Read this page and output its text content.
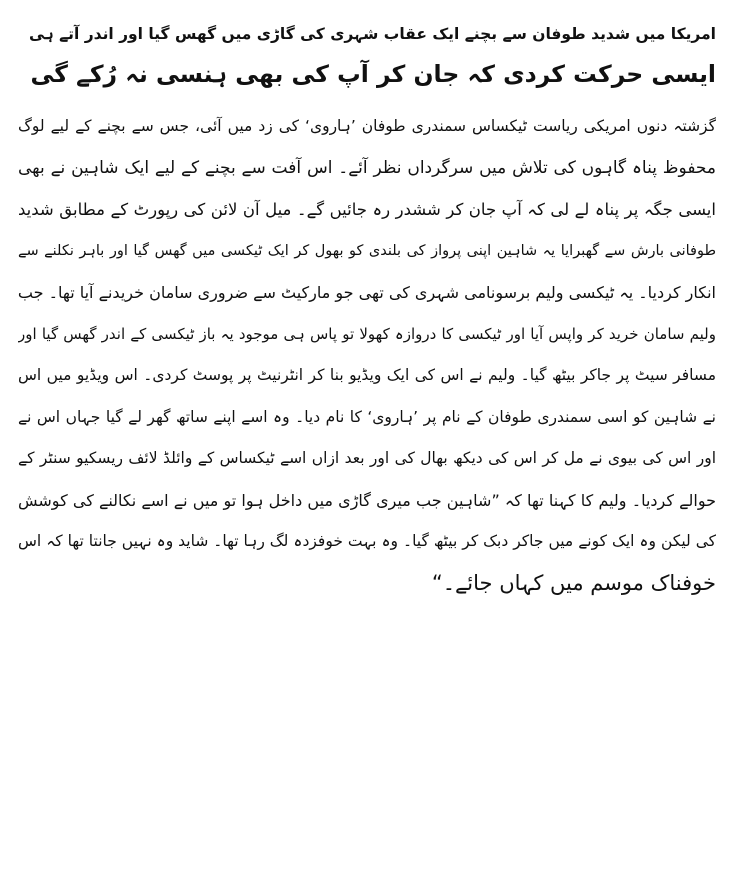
امریکا میں شدید طوفان سے بچنے ایک عقاب شہری کی گاڑی میں گھس گیا اور اندر آتے ہی
ایسی حرکت کردی کہ جان کر آپ کی بھی ہنسی نہ رُکے گی
گزشتہ دنوں امریکی ریاست ٹیکساس سمندری طوفان ’ہاروی‘ کی زد میں آئی، جس سے بچنے کے لیے لوگ
محفوظ پناہ گاہوں کی تلاش میں سرگرداں نظر آئے۔ اس آفت سے بچنے کے لیے ایک شاہین نے بھی
ایسی جگہ پر پناہ لے لی کہ آپ جان کر ششدر رہ جائیں گے۔ میل آن لائن کی رپورٹ کے مطابق شدید
طوفانی بارش سے گھبرایا یہ شاہین اپنی پرواز کی بلندی کو بھول کر ایک ٹیکسی میں گھس گیا اور باہر نکلنے سے
انکار کردیا۔ یہ ٹیکسی ولیم برسونامی شہری کی تھی جو مارکیٹ سے ضروری سامان خریدنے آیا تھا۔ جب
ولیم سامان خرید کر واپس آیا اور ٹیکسی کا دروازہ کھولا تو پاس ہی موجود یہ باز ٹیکسی کے اندر گھس گیا اور
مسافر سیٹ پر جاکر بیٹھ گیا۔ ولیم نے اس کی ایک ویڈیو بنا کر انٹرنیٹ پر پوسٹ کردی۔ اس ویڈیو میں اس
نے شاہین کو اسی سمندری طوفان کے نام پر ’ہاروی‘ کا نام دیا۔ وہ اسے اپنے ساتھ گھر لے گیا جہاں اس نے
اور اس کی بیوی نے مل کر اس کی دیکھ بھال کی اور بعد ازاں اسے ٹیکساس کے وائلڈ لائف ریسکیو سنٹر کے
حوالے کردیا۔ ولیم کا کہنا تھا کہ ”شاہین جب میری گاڑی میں داخل ہوا تو میں نے اسے نکالنے کی کوشش
کی لیکن وہ ایک کونے میں جاکر دبک کر بیٹھ گیا۔ وہ بہت خوفزدہ لگ رہا تھا۔ شاید وہ نہیں جانتا تھا کہ اس
خوفناک موسم میں کہاں جائے۔“
